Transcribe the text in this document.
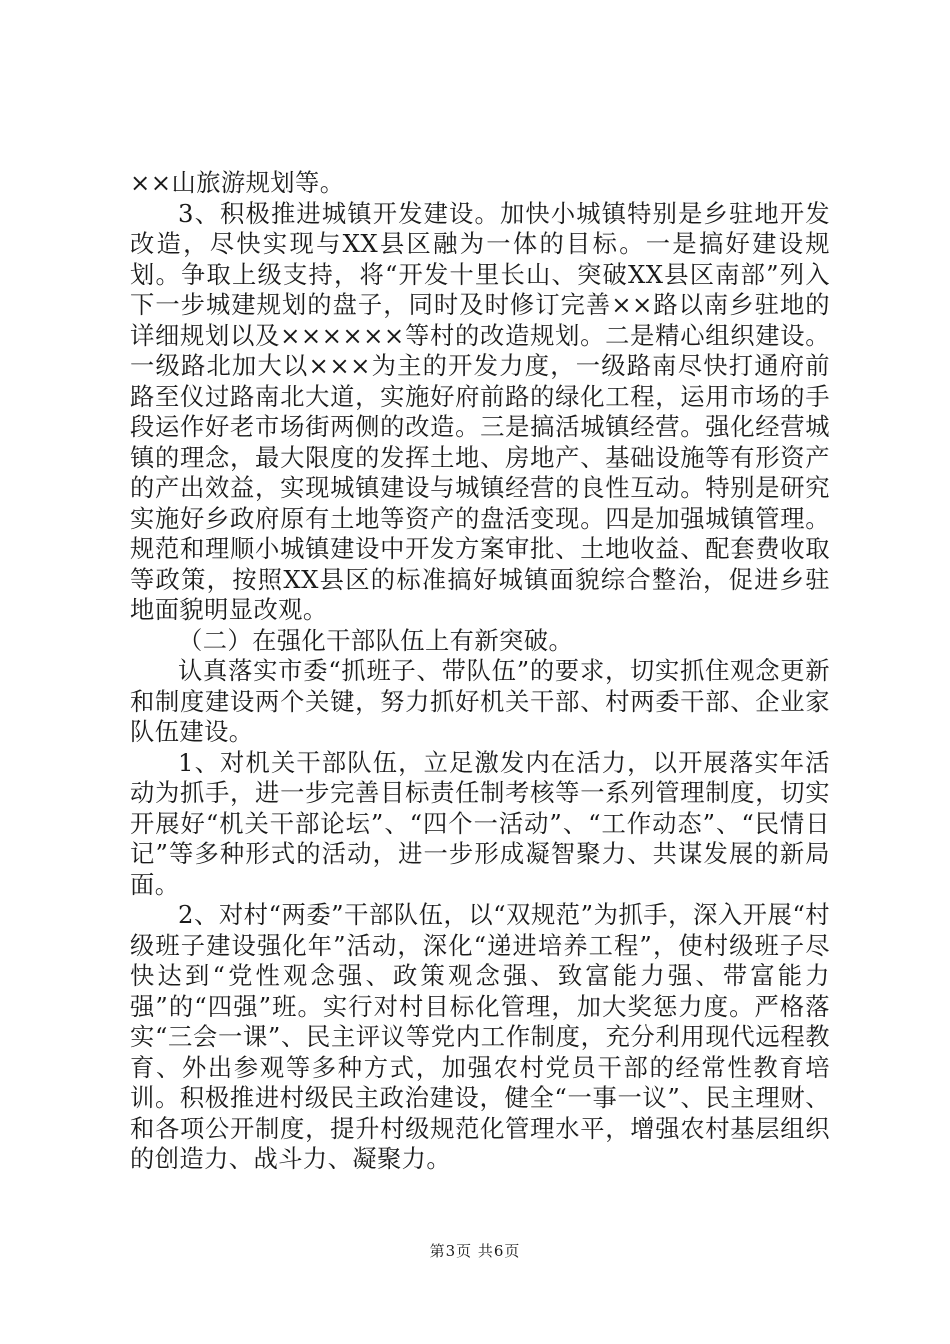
××山旅游规划等。

3、积极推进城镇开发建设。加快小城镇特别是乡驻地开发改造，尽快实现与XX县区融为一体的目标。一是搞好建设规划。争取上级支持，将“开发十里长山、突破XX县区南部”列入下一步城建规划的盘子，同时及时修订完善××路以南乡驻地的详细规划以及××××××等村的改造规划。二是精心组织建设。一级路北加大以×××为主的开发力度，一级路南尽快打通府前路至仪过路南北大道，实施好府前路的绿化工程，运用市场的手段运作好老市场街两侧的改造。三是搞活城镇经营。强化经营城镇的理念，最大限度的发挥土地、房地产、基础设施等有形资产的产出效益，实现城镇建设与城镇经营的良性互动。特别是研究实施好乡政府原有土地等资产的盘活变现。四是加强城镇管理。规范和理顺小城镇建设中开发方案审批、土地收益、配套费收取等政策，按照XX县区的标准搞好城镇面貌综合整治，促进乡驻地面貌明显改观。

（二）在强化干部队伍上有新突破。

认真落实市委“抓班子、带队伍”的要求，切实抓住观念更新和制度建设两个关键，努力抓好机关干部、村两委干部、企业家队伍建设。

1、对机关干部队伍，立足激发内在活力，以开展落实年活动为抓手，进一步完善目标责任制考核等一系列管理制度，切实开展好“机关干部论坛”、“四个一活动”、“工作动态”、“民情日记”等多种形式的活动，进一步形成凝智聚力、共谋发展的新局面。

2、对村“两委”干部队伍，以“双规范”为抓手，深入开展“村级班子建设强化年”活动，深化“递进培养工程”，使村级班子尽快达到“党性观念强、政策观念强、致富能力强、带富能力强”的“四强”班。实行对村目标化管理，加大奖惩力度。严格落实“三会一课”、民主评议等党内工作制度，充分利用现代远程教育、外出参观等多种方式，加强农村党员干部的经常性教育培训。积极推进村级民主政治建设，健全“一事一议”、民主理财、和各项公开制度，提升村级规范化管理水平，增强农村基层组织的创造力、战斗力、凝聚力。

第3页 共6页
